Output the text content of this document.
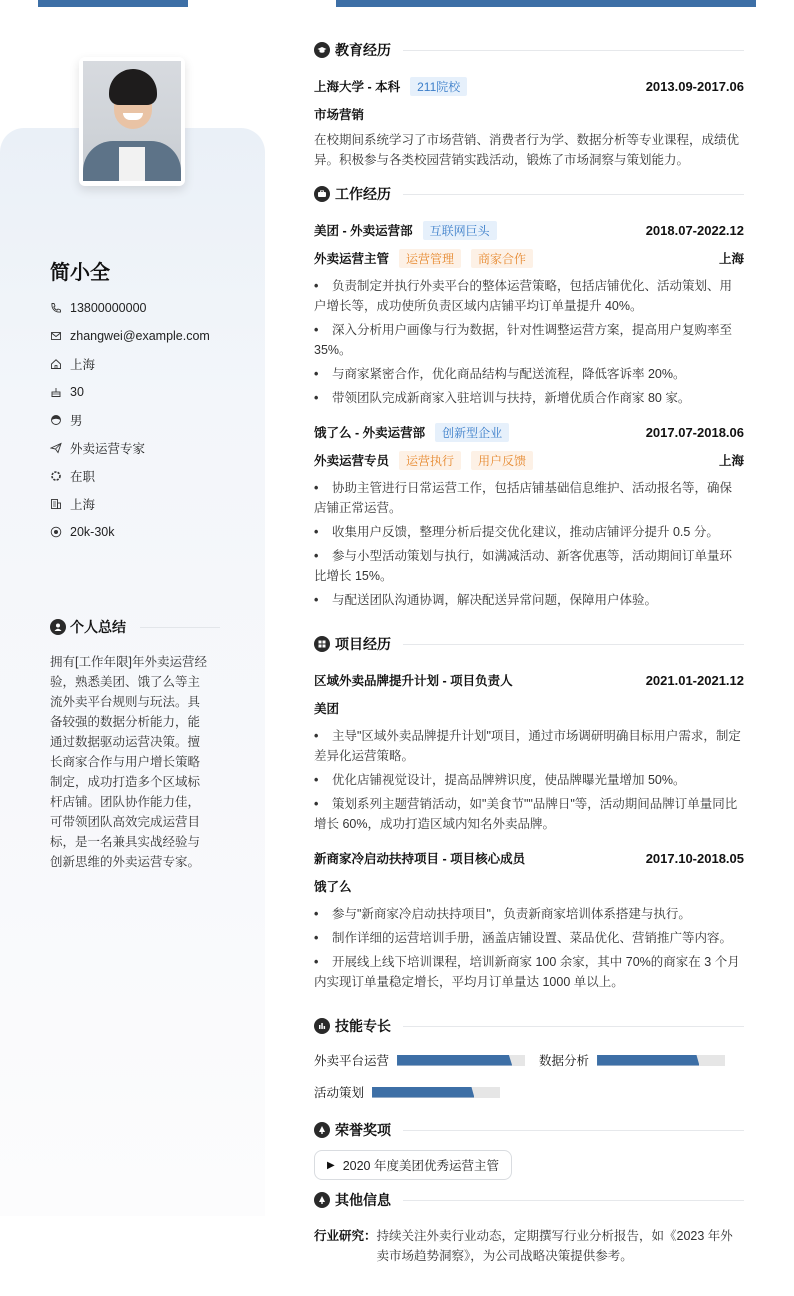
简小全
13800000000
zhangwei@example.com
上海
30
男
外卖运营专家
在职
上海
20k-30k
个人总结
拥有[工作年限]年外卖运营经验，熟悉美团、饿了么等主流外卖平台规则与玩法。具备较强的数据分析能力，能通过数据驱动运营决策。擅长商家合作与用户增长策略制定，成功打造多个区域标杆店铺。团队协作能力佳，可带领团队高效完成运营目标，是一名兼具实战经验与创新思维的外卖运营专家。
教育经历
上海大学 - 本科	211院校	2013.09-2017.06
市场营销
在校期间系统学习了市场营销、消费者行为学、数据分析等专业课程，成绩优异。积极参与各类校园营销实践活动，锻炼了市场洞察与策划能力。
工作经历
美团 - 外卖运营部	互联网巨头	2018.07-2022.12
外卖运营主管	运营管理	商家合作	上海
• 负责制定并执行外卖平台的整体运营策略，包括店铺优化、活动策划、用户增长等，成功使所负责区域内店铺平均订单量提升 40%。
• 深入分析用户画像与行为数据，针对性调整运营方案，提高用户复购率至 35%。
• 与商家紧密合作，优化商品结构与配送流程，降低客诉率 20%。
• 带领团队完成新商家入驻培训与扶持，新增优质合作商家 80 家。
饿了么 - 外卖运营部	创新型企业	2017.07-2018.06
外卖运营专员	运营执行	用户反馈	上海
• 协助主管进行日常运营工作，包括店铺基础信息维护、活动报名等，确保店铺正常运营。
• 收集用户反馈，整理分析后提交优化建议，推动店铺评分提升 0.5 分。
• 参与小型活动策划与执行，如满减活动、新客优惠等，活动期间订单量环比增长 15%。
• 与配送团队沟通协调，解决配送异常问题，保障用户体验。
项目经历
区域外卖品牌提升计划 - 项目负责人	2021.01-2021.12
美团
• 主导"区域外卖品牌提升计划"项目，通过市场调研明确目标用户需求，制定差异化运营策略。
• 优化店铺视觉设计，提高品牌辨识度，使品牌曝光量增加 50%。
• 策划系列主题营销活动，如"美食节""品牌日"等，活动期间品牌订单量同比增长 60%，成功打造区域内知名外卖品牌。
新商家冷启动扶持项目 - 项目核心成员	2017.10-2018.05
饿了么
• 参与"新商家冷启动扶持项目"，负责新商家培训体系搭建与执行。
• 制作详细的运营培训手册，涵盖店铺设置、菜品优化、营销推广等内容。
• 开展线上线下培训课程，培训新商家 100 余家，其中 70%的商家在 3 个月内实现订单量稳定增长，平均月订单量达 1000 单以上。
技能专长
外卖平台运营	数据分析
活动策划
荣誉奖项
▶ 2020 年度美团优秀运营主管
其他信息
行业研究： 持续关注外卖行业动态，定期撰写行业分析报告，如《2023 年外卖市场趋势洞察》，为公司战略决策提供参考。
